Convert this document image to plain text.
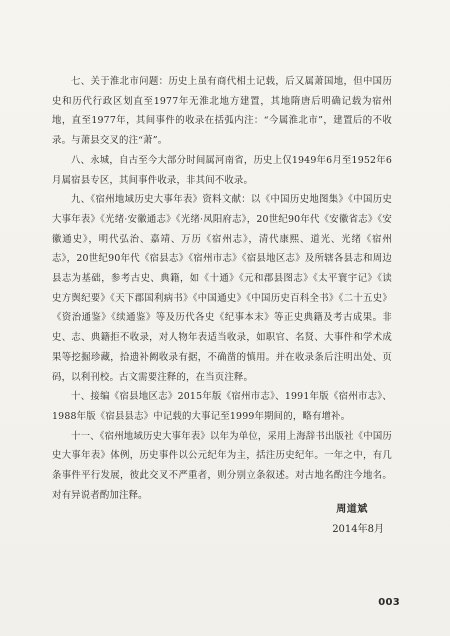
七、关于淮北市问题：历史上虽有商代相土记载，后又属萧国地，但中国历史和历代行政区划直至1977年无淮北地方建置，其地隋唐后明确记载为宿州地，直至1977年，其间事件的收录在括弧内注：“今属淮北市”，建置后的不收录。与萧县交叉的注“萧”。

八、永城，自古至今大部分时间属河南省，历史上仅1949年6月至1952年6月属宿县专区，其间事件收录，非其间不收录。

九、《宿州地域历史大事年表》资料文献：以《中国历史地图集》《中国历史大事年表》《光绪·安徽通志》《光绪·凤阳府志》，20世纪90年代《安徽省志》《安徽通史》，明代弘治、嘉靖、万历《宿州志》，清代康熙、道光、光绪《宿州志》，20世纪90年代《宿县志》《宿州市志》《宿县地区志》及所辖各县志和周边县志为基础，参考古史、典籍，如《十通》《元和郡县图志》《太平寰宇记》《读史方舆纪要》《天下郡国利病书》《中国通史》《中国历史百科全书》《二十五史》《资治通鉴》《续通鉴》等及历代各史《纪事本末》等正史典籍及考古成果。非史、志、典籍拒不收录，对人物年表适当收录，如职官、名贤、大事件和学术成果等挖掘珍藏，拾遗补阙收录有据，不确凿的慎用。并在收录条后注明出处、页码，以利刊校。古文需要注释的，在当页注释。

十、接编《宿县地区志》2015年版《宿州市志》、1991年版《宿州市志》、1988年版《宿县县志》中记载的大事记至1999年期间的，略有增补。

十一、《宿州地域历史大事年表》以年为单位，采用上海辞书出版社《中国历史大事年表》体例，历史事件以公元纪年为主，括注历史纪年。一年之中，有几条事件平行发展，彼此交叉不严重者，则分别立条叙述。对古地名酌注今地名。对有异说者酌加注释。

周道斌
2014年8月
003
